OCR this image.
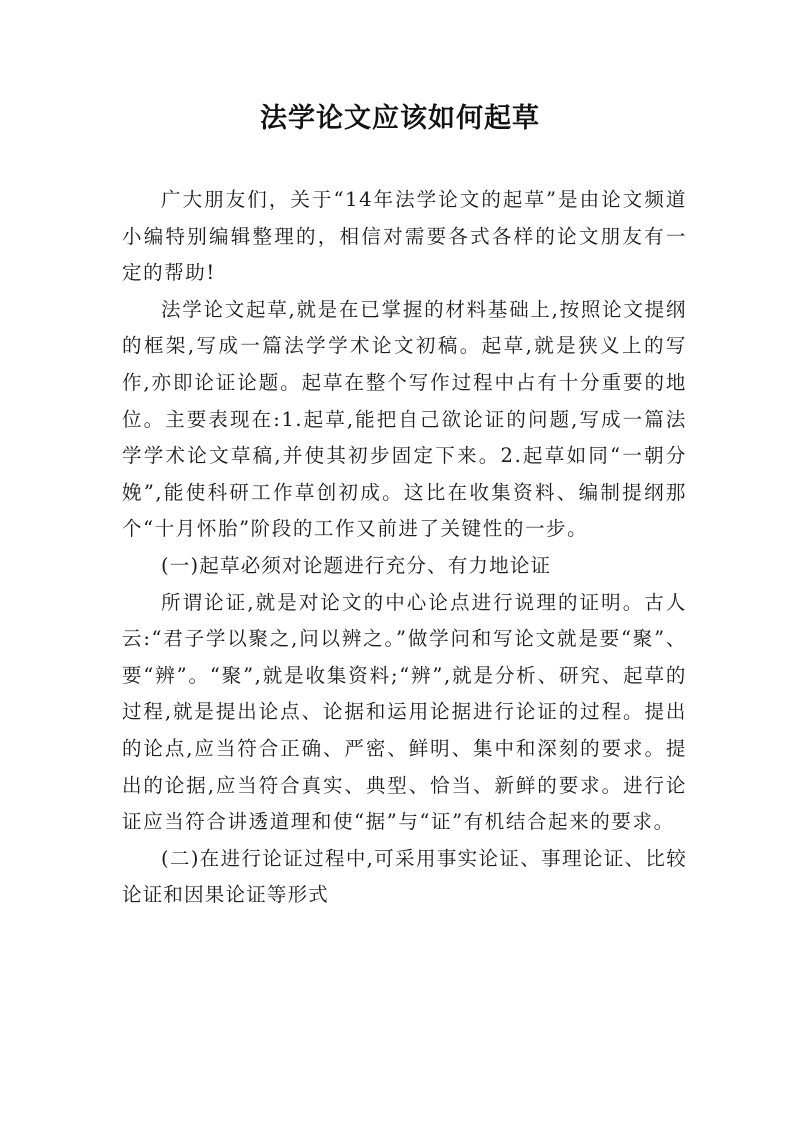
法学论文应该如何起草

广大朋友们，关于“14年法学论文的起草”是由论文频道小编特别编辑整理的，相信对需要各式各样的论文朋友有一定的帮助!

法学论文起草,就是在已掌握的材料基础上,按照论文提纲的框架,写成一篇法学学术论文初稿。起草,就是狭义上的写作,亦即论证论题。起草在整个写作过程中占有十分重要的地位。主要表现在:1.起草,能把自己欲论证的问题,写成一篇法学学术论文草稿,并使其初步固定下来。2.起草如同“一朝分娩”,能使科研工作草创初成。这比在收集资料、编制提纲那个“十月怀胎”阶段的工作又前进了关键性的一步。

(一)起草必须对论题进行充分、有力地论证

所谓论证,就是对论文的中心论点进行说理的证明。古人云:“君子学以聚之,问以辨之。”做学问和写论文就是要“聚”、要“辨”。“聚”,就是收集资料;“辨”,就是分析、研究、起草的过程,就是提出论点、论据和运用论据进行论证的过程。提出的论点,应当符合正确、严密、鲜明、集中和深刻的要求。提出的论据,应当符合真实、典型、恰当、新鲜的要求。进行论证应当符合讲透道理和使“据”与“证”有机结合起来的要求。

(二)在进行论证过程中,可采用事实论证、事理论证、比较论证和因果论证等形式
